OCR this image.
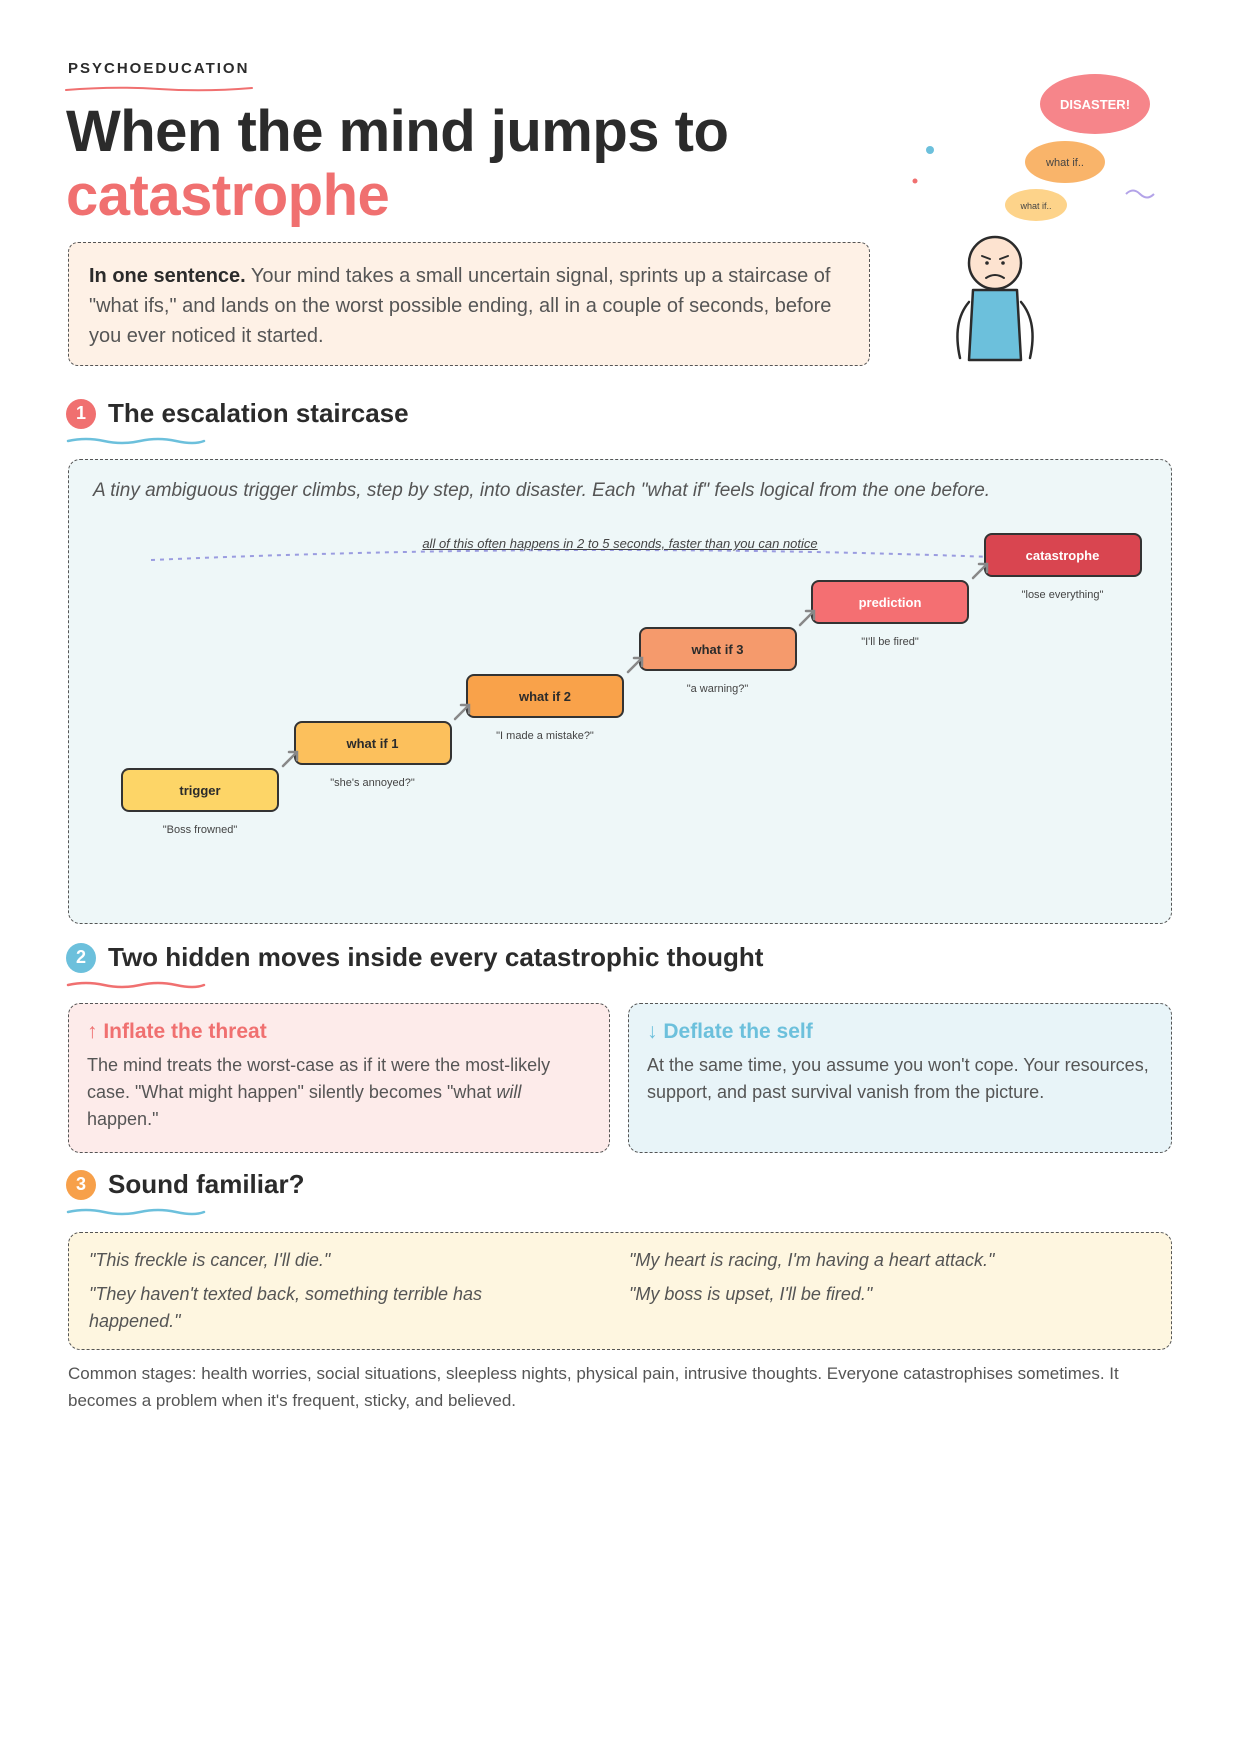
PSYCHOEDUCATION
When the mind jumps to
catastrophe
In one sentence. Your mind takes a small uncertain signal, sprints up a staircase of "what ifs," and lands on the worst possible ending, all in a couple of seconds, before you ever noticed it started.
DISASTER!
what if..
what if..
1 The escalation staircase
A tiny ambiguous trigger climbs, step by step, into disaster. Each "what if" feels logical from the one before.
all of this often happens in 2 to 5 seconds, faster than you can notice
trigger
"Boss frowned"
what if 1
"she's annoyed?"
what if 2
"I made a mistake?"
what if 3
"a warning?"
prediction
"I'll be fired"
catastrophe
"lose everything"
2 Two hidden moves inside every catastrophic thought
↑ Inflate the threat
The mind treats the worst-case as if it were the most-likely case. "What might happen" silently becomes "what will happen."
↓ Deflate the self
At the same time, you assume you won't cope. Your resources, support, and past survival vanish from the picture.
3 Sound familiar?
"This freckle is cancer, I'll die."	"My heart is racing, I'm having a heart attack."
"They haven't texted back, something terrible has happened."
"My boss is upset, I'll be fired."
Common stages: health worries, social situations, sleepless nights, physical pain, intrusive thoughts. Everyone catastrophises sometimes. It becomes a problem when it's frequent, sticky, and believed.
